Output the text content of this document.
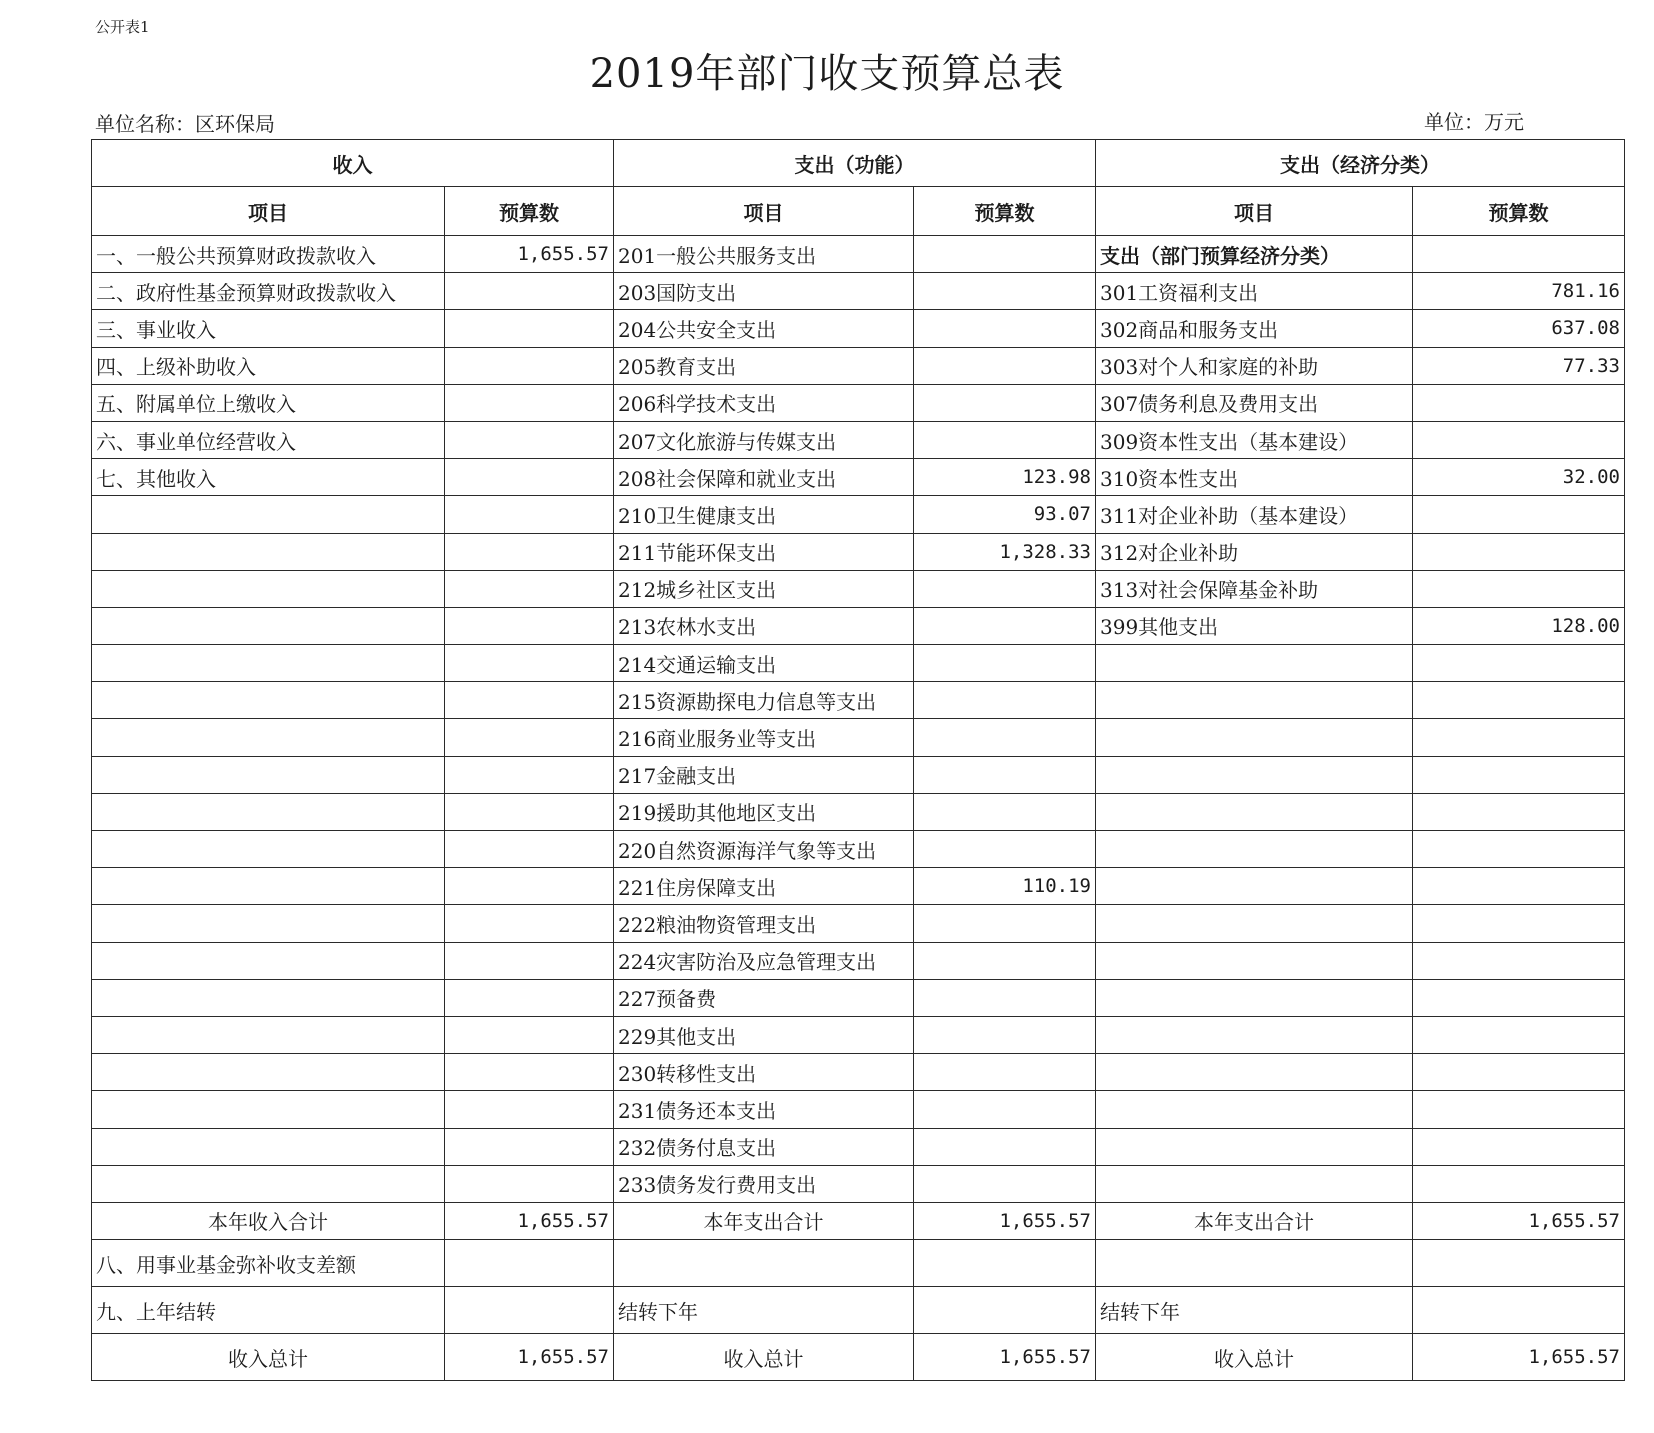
公开表1
2019年部门收支预算总表
单位名称：区环保局	单位：万元
收入		支出（功能）		支出（经济分类）	
项目	预算数	项目	预算数	项目	预算数
一、一般公共预算财政拨款收入	1,655.57	201一般公共服务支出		支出（部门预算经济分类）	
二、政府性基金预算财政拨款收入		203国防支出		301工资福利支出	781.16
三、事业收入		204公共安全支出		302商品和服务支出	637.08
四、上级补助收入		205教育支出		303对个人和家庭的补助	77.33
五、附属单位上缴收入		206科学技术支出		307债务利息及费用支出	
六、事业单位经营收入		207文化旅游与传媒支出		309资本性支出（基本建设）	
七、其他收入		208社会保障和就业支出	123.98	310资本性支出	32.00
		210卫生健康支出	93.07	311对企业补助（基本建设）	
		211节能环保支出	1,328.33	312对企业补助	
		212城乡社区支出		313对社会保障基金补助	
		213农林水支出		399其他支出	128.00
		214交通运输支出			
		215资源勘探电力信息等支出			
		216商业服务业等支出			
		217金融支出			
		219援助其他地区支出			
		220自然资源海洋气象等支出			
		221住房保障支出	110.19		
		222粮油物资管理支出			
		224灾害防治及应急管理支出			
		227预备费			
		229其他支出			
		230转移性支出			
		231债务还本支出			
		232债务付息支出			
		233债务发行费用支出			
本年收入合计	1,655.57	本年支出合计	1,655.57	本年支出合计	1,655.57
八、用事业基金弥补收支差额					
九、上年结转		结转下年		结转下年	
收入总计	1,655.57	收入总计	1,655.57	收入总计	1,655.57
